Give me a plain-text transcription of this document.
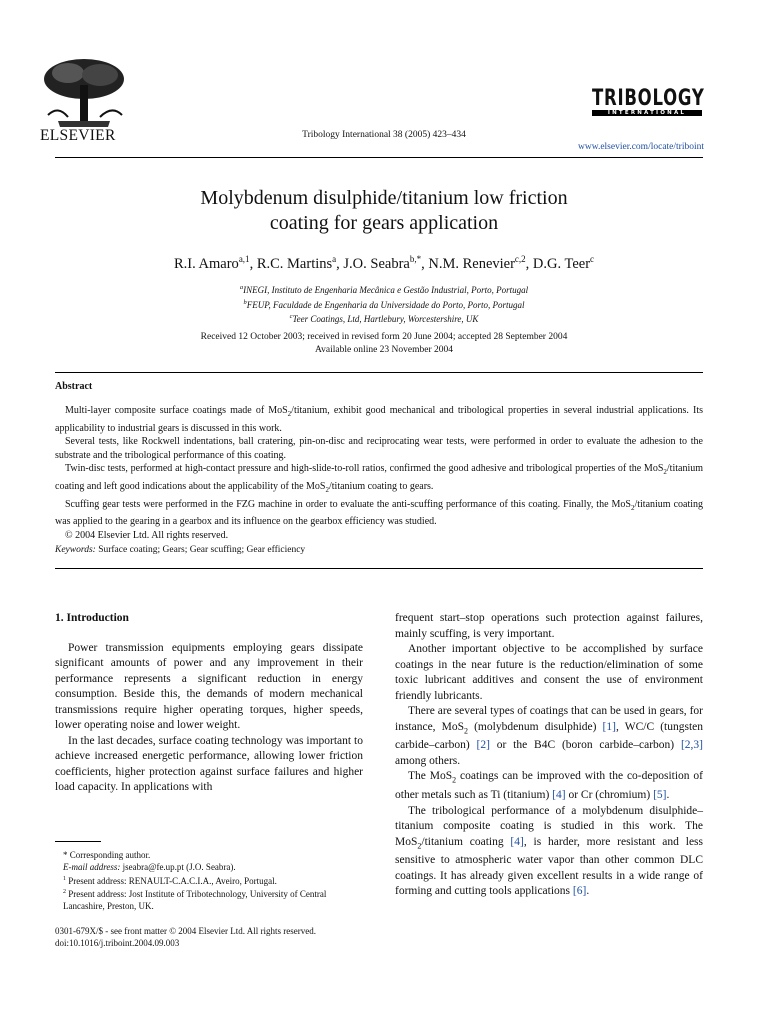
ELSEVIER	Tribology International 38 (2005) 423–434
TRIBOLOGY
INTERNATIONAL
www.elsevier.com/locate/triboint
Molybdenum disulphide/titanium low friction
coating for gears application
R.I. Amaro$^{a,1}$, R.C. Martins$^a$, J.O. Seabra$^{b,*}$, N.M. Renevier$^{c,2}$, D.G. Teer$^c$
$^a$INEGI, Instituto de Engenharia Mecânica e Gestão Industrial, Porto, Portugal
$^b$FEUP, Faculdade de Engenharia da Universidade do Porto, Porto, Portugal
$^c$Teer Coatings, Ltd, Hartlebury, Worcestershire, UK
Received 12 October 2003; received in revised form 20 June 2004; accepted 28 September 2004
Available online 23 November 2004
Abstract

Multi-layer composite surface coatings made of MoS$_2$/titanium, exhibit good mechanical and tribological properties in several industrial applications. Its applicability to industrial gears is discussed in this work.

Several tests, like Rockwell indentations, ball cratering, pin-on-disc and reciprocating wear tests, were performed in order to evaluate the adhesion to the substrate and the tribological performance of this coating.

Twin-disc tests, performed at high-contact pressure and high-slide-to-roll ratios, confirmed the good adhesive and tribological properties of the MoS$_2$/titanium coating and left good indications about the applicability of the MoS$_2$/titanium coating to gears.

Scuffing gear tests were performed in the FZG machine in order to evaluate the anti-scuffing performance of this coating. Finally, the MoS$_2$/titanium coating was applied to the gearing in a gearbox and its influence on the gearbox efficiency was studied.

© 2004 Elsevier Ltd. All rights reserved.

Keywords: Surface coating; Gears; Gear scuffing; Gear efficiency
1. Introduction

Power transmission equipments employing gears dissipate significant amounts of power and any improvement in their performance represents a significant reduction in energy consumption. Beside this, the demands of modern mechanical transmissions require higher operating torques, higher speeds, lower operating noise and lower weight.

In the last decades, surface coating technology was important to achieve increased energetic performance, allowing lower friction coefficients, higher protection against surface failures and higher load capacity. In applications with

frequent start–stop operations such protection against failures, mainly scuffing, is very important.

Another important objective to be accomplished by surface coatings in the near future is the reduction/elimination of some toxic lubricant additives and consent the use of environment friendly lubricants.

There are several types of coatings that can be used in gears, for instance, MoS$_2$ (molybdenum disulphide) [1], WC/C (tungsten carbide–carbon) [2] or the B4C (boron carbide–carbon) [2,3] among others.

The MoS$_2$ coatings can be improved with the co-deposition of other metals such as Ti (titanium) [4] or Cr (chromium) [5].

The tribological performance of a molybdenum disulphide–titanium composite coating is studied in this work. The MoS$_2$/titanium coating [4], is harder, more resistant and less sensitive to atmospheric water vapor than other common DLC coatings. It has already given excellent results in a wide range of forming and cutting tools applications [6].

* Corresponding author.
E-mail address: jseabra@fe.up.pt (J.O. Seabra).
$^1$ Present address: RENAULT-C.A.C.I.A., Aveiro, Portugal.
$^2$ Present address: Jost Institute of Tribotechnology, University of Central Lancashire, Preston, UK.
0301-679X/$ - see front matter © 2004 Elsevier Ltd. All rights reserved.
doi:10.1016/j.triboint.2004.09.003
